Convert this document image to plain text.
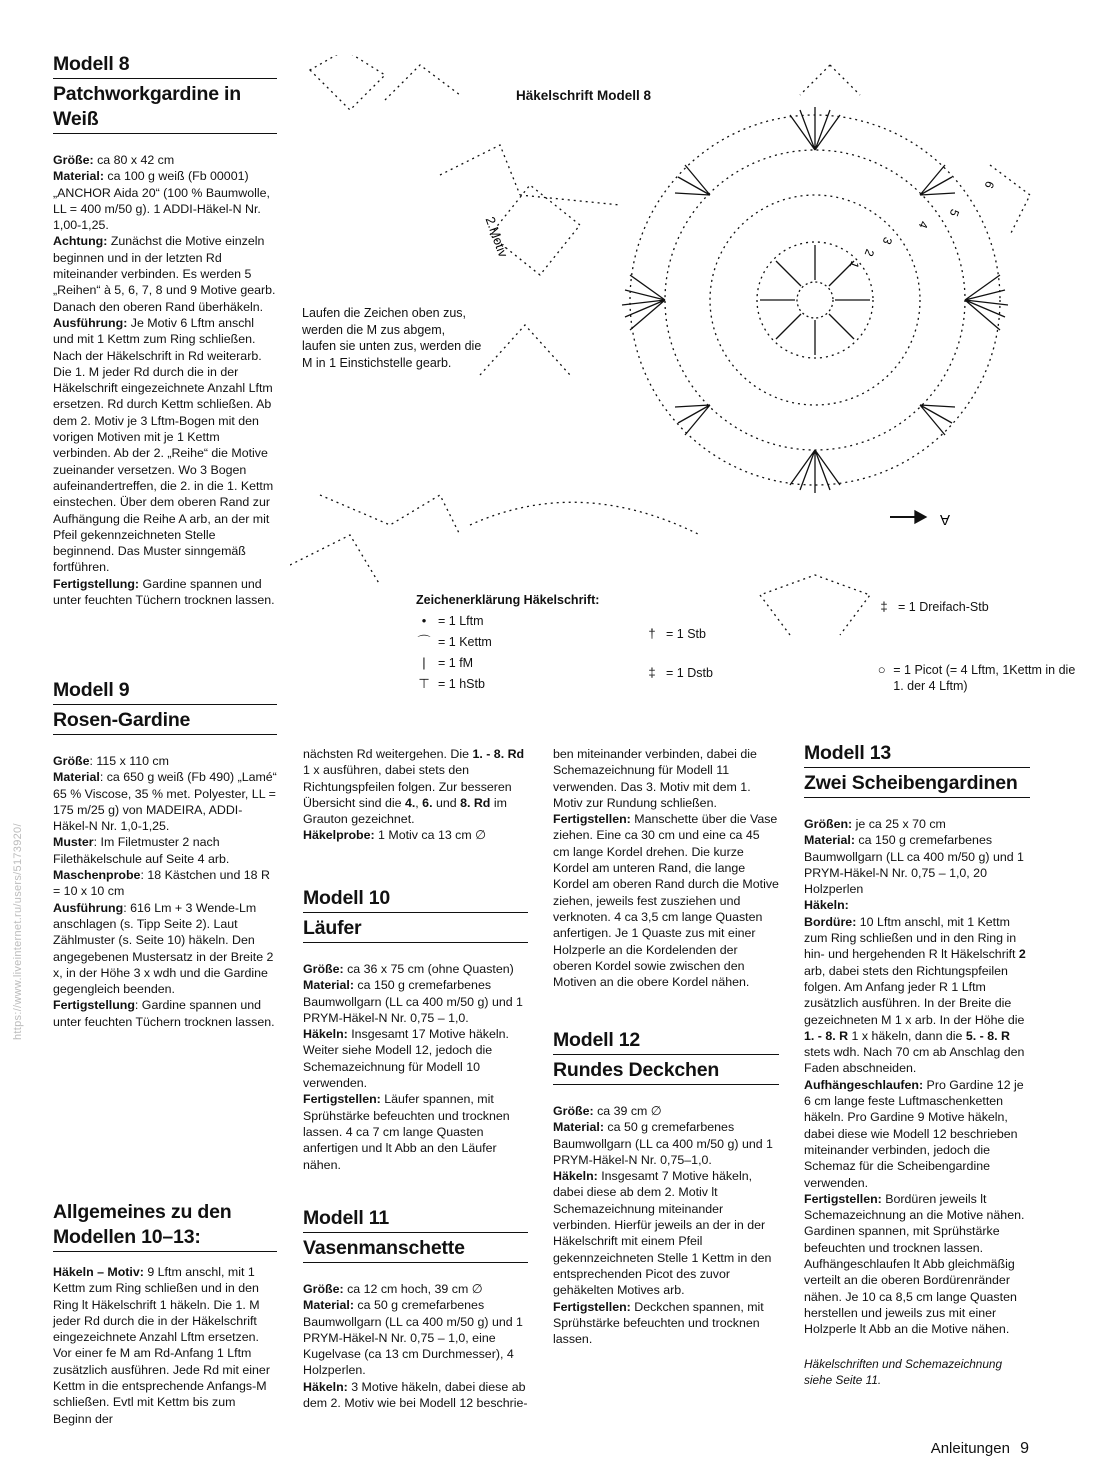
https://www.liveinternet.ru/users/5173920/
A
2.Motiv
1
2
3
4
5
6
Häkelschrift Modell 8
Laufen die Zeichen oben zus, werden die M zus abgem, laufen sie unten zus, werden die M in 1 Einstichstelle gearb.
Zeichenerklärung Häkelschrift:
• = 1 Lftm
⌒ = 1 Kettm
| = 1 fM
⊤ = 1 hStb
† = 1 Stb
‡ = 1 Dstb
‡ = 1 Dreifach-Stb
○ = 1 Picot (= 4 Lftm, 1Kettm in die 1. der 4 Lftm)
Modell 8
Patchworkgardine in Weiß
Größe: ca 80 x 42 cm
Material: ca 100 g weiß (Fb 00001) „ANCHOR Aida 20“ (100 % Baumwolle, LL = 400 m/50 g). 1 ADDI-Häkel-N Nr. 1,00-1,25.
Achtung: Zunächst die Motive einzeln beginnen und in der letzten Rd miteinander verbinden. Es werden 5 „Reihen“ à 5, 6, 7, 8 und 9 Motive gearb. Danach den oberen Rand überhäkeln.
Ausführung: Je Motiv 6 Lftm anschl und mit 1 Kettm zum Ring schließen. Nach der Häkelschrift in Rd weiterarb. Die 1. M jeder Rd durch die in der Häkelschrift eingezeichnete Anzahl Lftm ersetzen. Rd durch Kettm schließen. Ab dem 2. Motiv je 3 Lftm-Bogen mit den vorigen Motiven mit je 1 Kettm verbinden. Ab der 2. „Reihe“ die Motive zueinander versetzen. Wo 3 Bogen aufeinandertreffen, die 2. in die 1. Kettm einstechen. Über dem oberen Rand zur Aufhängung die Reihe A arb, an der mit Pfeil gekennzeichneten Stelle beginnend. Das Muster sinngemäß fortführen.
Fertigstellung: Gardine spannen und unter feuchten Tüchern trocknen lassen.
Modell 9
Rosen-Gardine
Größe: 115 x 110 cm
Material: ca 650 g weiß (Fb 490) „Lamé“ 65 % Viscose, 35 % met. Polyester, LL = 175 m/25 g) von MADEIRA, ADDI-Häkel-N Nr. 1,0-1,25.
Muster: Im Filetmuster 2 nach Filethäkelschule auf Seite 4 arb.
Maschenprobe: 18 Kästchen und 18 R = 10 x 10 cm
Ausführung: 616 Lm + 3 Wende-Lm anschlagen (s. Tipp Seite 2). Laut Zählmuster (s. Seite 10) häkeln. Den angegebenen Mustersatz in der Breite 2 x, in der Höhe 3 x wdh und die Gardine gegengleich beenden.
Fertigstellung: Gardine spannen und unter feuchten Tüchern trocknen lassen.
Allgemeines zu den Modellen 10–13:
Häkeln – Motiv: 9 Lftm anschl, mit 1 Kettm zum Ring schließen und in den Ring lt Häkelschrift 1 häkeln. Die 1. M jeder Rd durch die in der Häkelschrift eingezeichnete Anzahl Lftm ersetzen. Vor einer fe M am Rd-Anfang 1 Lftm zusätzlich ausführen. Jede Rd mit einer Kettm in die entsprechende Anfangs-M schließen. Evtl mit Kettm bis zum Beginn der
nächsten Rd weitergehen. Die 1. - 8. Rd 1 x ausführen, dabei stets den Richtungspfeilen folgen. Zur besseren Übersicht sind die 4., 6. und 8. Rd im Grauton gezeichnet.
Häkelprobe: 1 Motiv ca 13 cm ∅
Modell 10
Läufer
Größe: ca 36 x 75 cm (ohne Quasten)
Material: ca 150 g cremefarbenes Baumwollgarn (LL ca 400 m/50 g) und 1 PRYM-Häkel-N Nr. 0,75 – 1,0.
Häkeln: Insgesamt 17 Motive häkeln. Weiter siehe Modell 12, jedoch die Schemazeichnung für Modell 10 verwenden.
Fertigstellen: Läufer spannen, mit Sprühstärke befeuchten und trocknen lassen. 4 ca 7 cm lange Quasten anfertigen und lt Abb an den Läufer nähen.
Modell 11
Vasenmanschette
Größe: ca 12 cm hoch, 39 cm ∅
Material: ca 50 g cremefarbenes Baumwollgarn (LL ca 400 m/50 g) und 1 PRYM-Häkel-N Nr. 0,75 – 1,0, eine Kugelvase (ca 13 cm Durchmesser), 4 Holzperlen.
Häkeln: 3 Motive häkeln, dabei diese ab dem 2. Motiv wie bei Modell 12 beschrie-
ben miteinander verbinden, dabei die Schemazeichnung für Modell 11 verwenden. Das 3. Motiv mit dem 1. Motiv zur Rundung schließen.
Fertigstellen: Manschette über die Vase ziehen. Eine ca 30 cm und eine ca 45 cm lange Kordel drehen. Die kurze Kordel am unteren Rand, die lange Kordel am oberen Rand durch die Motive ziehen, jeweils fest zusziehen und verknoten. 4 ca 3,5 cm lange Quasten anfertigen. Je 1 Quaste zus mit einer Holzperle an die Kordelenden der oberen Kordel sowie zwischen den Motiven an die obere Kordel nähen.
Modell 12
Rundes Deckchen
Größe: ca 39 cm ∅
Material: ca 50 g cremefarbenes Baumwollgarn (LL ca 400 m/50 g) und 1 PRYM-Häkel-N Nr. 0,75–1,0.
Häkeln: Insgesamt 7 Motive häkeln, dabei diese ab dem 2. Motiv lt Schemazeichnung miteinander verbinden. Hierfür jeweils an der in der Häkelschrift mit einem Pfeil gekennzeichneten Stelle 1 Kettm in den entsprechenden Picot des zuvor gehäkelten Motives arb.
Fertigstellen: Deckchen spannen, mit Sprühstärke befeuchten und trocknen lassen.
Modell 13
Zwei Scheibengardinen
Größen: je ca 25 x 70 cm
Material: ca 150 g cremefarbenes Baumwollgarn (LL ca 400 m/50 g) und 1 PRYM-Häkel-N Nr. 0,75 – 1,0, 20 Holzperlen
Häkeln:
Bordüre: 10 Lftm anschl, mit 1 Kettm zum Ring schließen und in den Ring in hin- und hergehenden R lt Häkelschrift 2 arb, dabei stets den Richtungspfeilen folgen. Am Anfang jeder R 1 Lftm zusätzlich ausführen. In der Breite die gezeichneten M 1 x arb. In der Höhe die 1. - 8. R 1 x häkeln, dann die 5. - 8. R stets wdh. Nach 70 cm ab Anschlag den Faden abschneiden.
Aufhängeschlaufen: Pro Gardine 12 je 6 cm lange feste Luftmaschenketten häkeln. Pro Gardine 9 Motive häkeln, dabei diese wie Modell 12 beschrieben miteinander verbinden, jedoch die Schemaz für die Scheibengardine verwenden.
Fertigstellen: Bordüren jeweils lt Schemazeichnung an die Motive nähen. Gardinen spannen, mit Sprühstärke befeuchten und trocknen lassen.
Aufhängeschlaufen lt Abb gleichmäßig verteilt an die oberen Bordürenränder nähen. Je 10 ca 8,5 cm lange Quasten herstellen und jeweils zus mit einer Holzperle lt Abb an die Motive nähen.
Häkelschriften und Schemazeichnung siehe Seite 11.
Anleitungen 9
